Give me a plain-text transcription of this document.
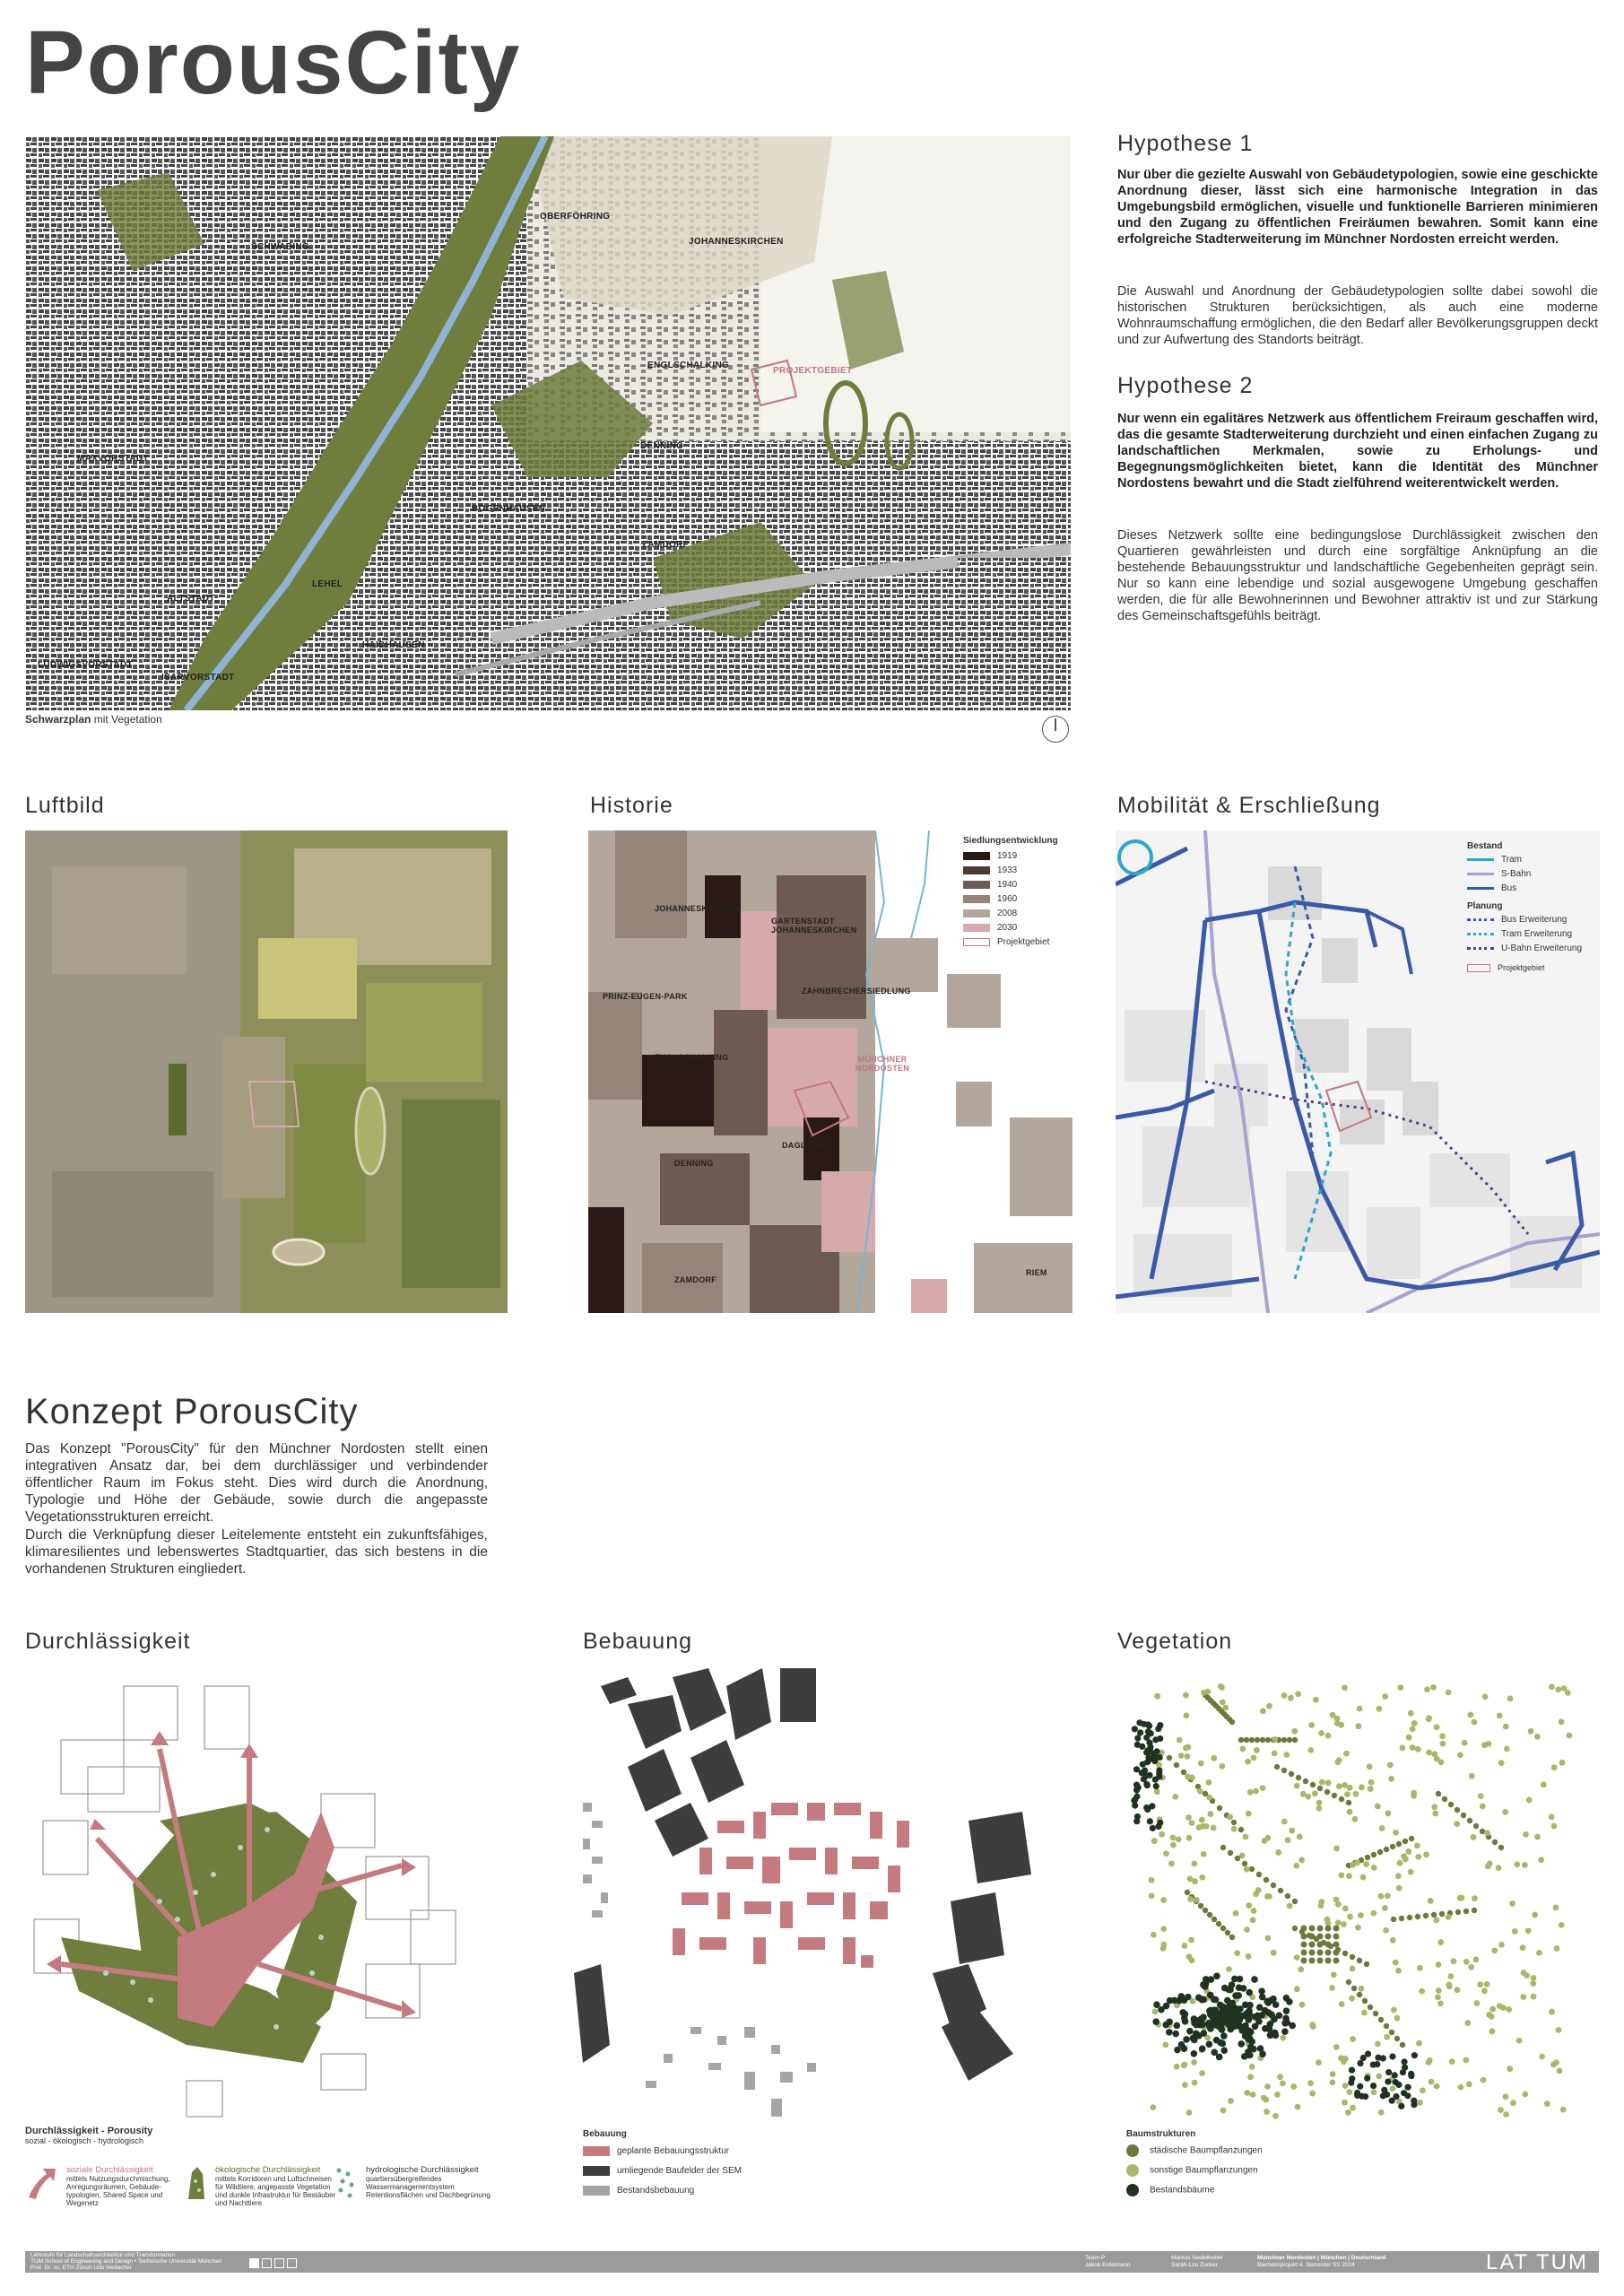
PorousCity
SCHWABING
OBERFÖHRING
JOHANNESKIRCHEN
ENGLSCHALKING
PROJEKTGEBIET
MAXVORSTADT
DENNING
BOGENHAUSEN
ZAMDORF
LEHEL
ALTSTADT
HAIDHAUSEN
LUDWIGSVORSTADT
ISARVORSTADT
Schwarzplan mit Vegetation
Hypothese 1
Nur über die gezielte Auswahl von Gebäudetypologien, sowie eine geschickte Anordnung dieser, lässt sich eine harmonische Integration in das Umgebungsbild ermöglichen, visuelle und funktionelle Barrieren minimieren und den Zugang zu öffentlichen Freiräumen bewahren. Somit kann eine erfolgreiche Stadterweiterung im Münchner Nordosten erreicht werden.
Die Auswahl und Anordnung der Gebäudetypologien sollte dabei sowohl die historischen Strukturen berücksichtigen, als auch eine moderne Wohnraumschaffung ermöglichen, die den Bedarf aller Bevölkerungsgruppen deckt und zur Aufwertung des Standorts beiträgt.
Hypothese 2
Nur wenn ein egalitäres Netzwerk aus öffentlichem Freiraum geschaffen wird, das die gesamte Stadterweiterung durchzieht und einen einfachen Zugang zu landschaftlichen Merkmalen, sowie zu Erholungs- und Begegnungsmöglichkeiten bietet, kann die Identität des Münchner Nordostens bewahrt und die Stadt zielführend weiterentwickelt werden.
Dieses Netzwerk sollte eine bedingungslose Durchlässigkeit zwischen den Quartieren gewährleisten und durch eine sorgfältige Anknüpfung an die bestehende Bebauungsstruktur und landschaftliche Gegebenheiten geprägt sein. Nur so kann eine lebendige und sozial ausgewogene Umgebung geschaffen werden, die für alle Bewohnerinnen und Bewohner attraktiv ist und zur Stärkung des Gemeinschaftsgefühls beiträgt.
Luftbild	Historie
JOHANNESKIRCHEN
GARTENSTADT JOHANNESKIRCHEN
ZAHNBRECHERSIEDLUNG
PRINZ-EUGEN-PARK
ENGLSCHALKING	MÜNCHNER NORDOSTEN
DAGLFING
DENNING
ZAMDORF
RIEM
Siedlungsentwicklung
1919
1933
1940
1960
2008
2030
Projektgebiet
Mobilität & Erschließung
Bestand
Tram
S-Bahn
Bus
Planung
Bus Erweiterung
Tram Erweiterung
U-Bahn Erweiterung
Projektgebiet
Konzept PorousCity
Das Konzept "PorousCity" für den Münchner Nordosten stellt einen integrativen Ansatz dar, bei dem durchlässiger und verbindender öffentlicher Raum im Fokus steht. Dies wird durch die Anordnung, Typologie und Höhe der Gebäude, sowie durch die angepasste Vegetationsstrukturen erreicht.
Durch die Verknüpfung dieser Leitelemente entsteht ein zukunftsfähiges, klimaresilientes und lebenswertes Stadtquartier, das sich bestens in die vorhandenen Strukturen eingliedert.
Durchlässigkeit
Durchlässigkeit - Porousity
sozial - ökologisch - hydrologisch
soziale Durchlässigkeit
mittels Nutzungsdurchmischung, Anregungsräumen, Gebäude-typologien, Shared Space und Wegenetz
ökologische Durchlässigkeit
mittels Korridoren und Luftschneisen für Wildtiere, angepasste Vegetation und dunkle Infrastruktur für Bestäuber und Nachttiere
hydrologische Durchlässigkeit
quartiersübergreifendes Wassermanagementsystem Retentionsflächen und Dachbegrünung
Bebauung
Bebauung
geplante Bebauungsstruktur
umliegende Baufelder der SEM
Bestandsbebauung
Vegetation
Baumstrukturen
städische Baumpflanzungen
sonstige Baumpflanzungen
Bestandsbäume
Lehrstuhl für Landschaftsarchitektur und Transformation
TUM School of Engineering and Design • Technische Universität München
Prof. Dr. sc. ETH Zürich Udo Weilacher
Team P
Jakob Erdelmann
Markus Seidelhuber
Sarah-Lou Zucker
Münchner Nordosten | München | Deutschland
Bachelorprojekt 4. Semester SS 2024	LAT TUM
